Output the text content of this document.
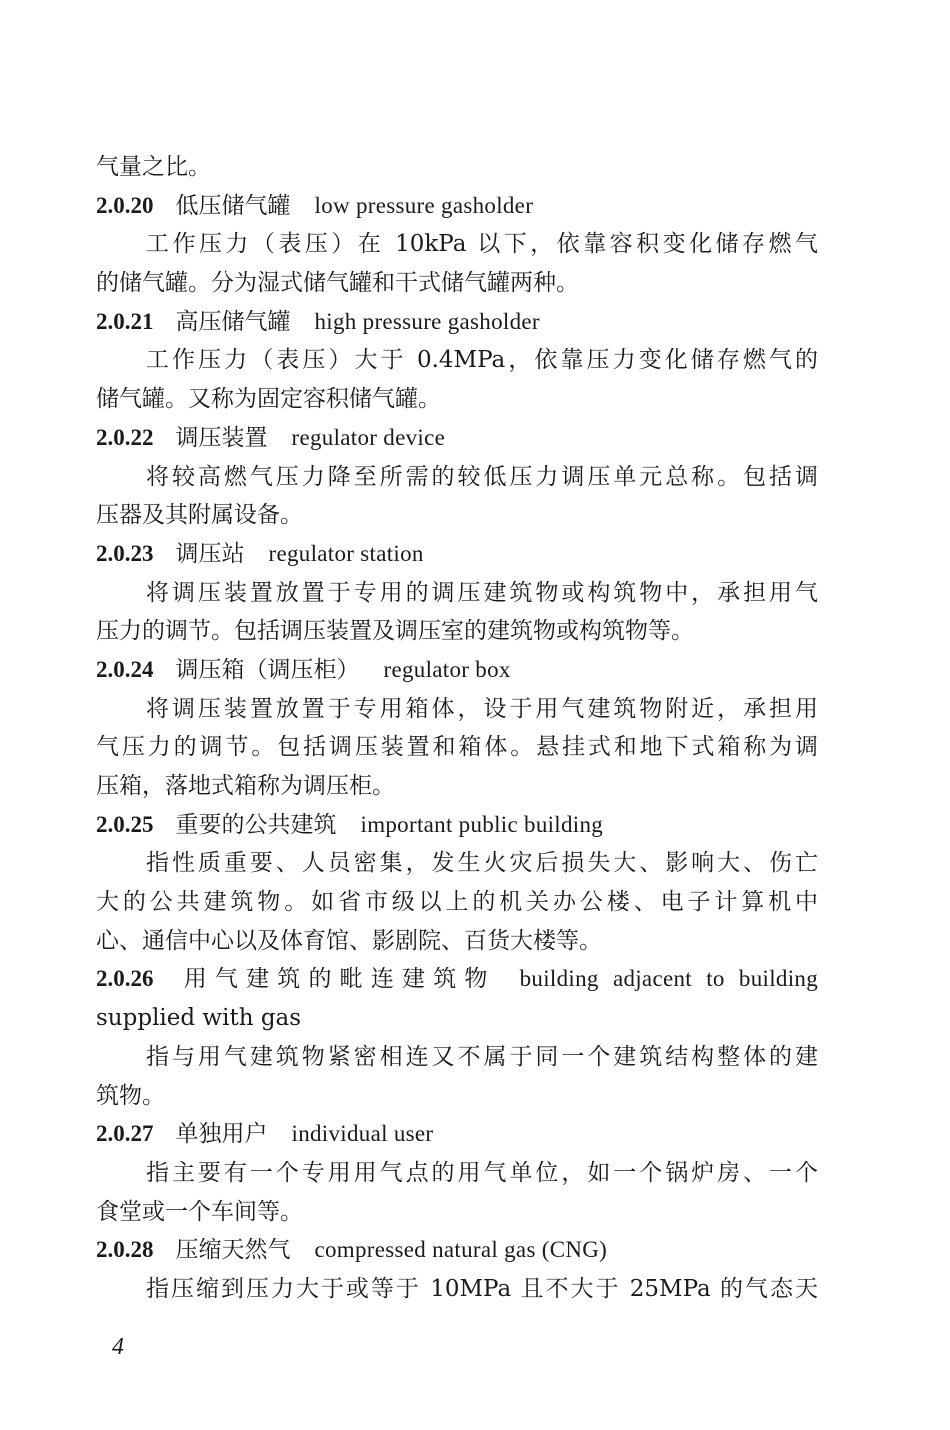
气量之比。
2.0.20 低压储气罐 low pressure gasholder
工作压力（表压）在 10kPa 以下，依靠容积变化储存燃气
的储气罐。分为湿式储气罐和干式储气罐两种。
2.0.21 高压储气罐 high pressure gasholder
工作压力（表压）大于 0.4MPa，依靠压力变化储存燃气的
储气罐。又称为固定容积储气罐。
2.0.22 调压装置 regulator device
将较高燃气压力降至所需的较低压力调压单元总称。包括调
压器及其附属设备。
2.0.23 调压站 regulator station
将调压装置放置于专用的调压建筑物或构筑物中，承担用气
压力的调节。包括调压装置及调压室的建筑物或构筑物等。
2.0.24 调压箱（调压柜） regulator box
将调压装置放置于专用箱体，设于用气建筑物附近，承担用
气压力的调节。包括调压装置和箱体。悬挂式和地下式箱称为调
压箱，落地式箱称为调压柜。
2.0.25 重要的公共建筑 important public building
指性质重要、人员密集，发生火灾后损失大、影响大、伤亡
大的公共建筑物。如省市级以上的机关办公楼、电子计算机中
心、通信中心以及体育馆、影剧院、百货大楼等。
2.0.26 用气建筑的毗连建筑物 building adjacent to building
supplied with gas
指与用气建筑物紧密相连又不属于同一个建筑结构整体的建
筑物。
2.0.27 单独用户 individual user
指主要有一个专用用气点的用气单位，如一个锅炉房、一个
食堂或一个车间等。
2.0.28 压缩天然气 compressed natural gas (CNG)
指压缩到压力大于或等于 10MPa 且不大于 25MPa 的气态天
4
